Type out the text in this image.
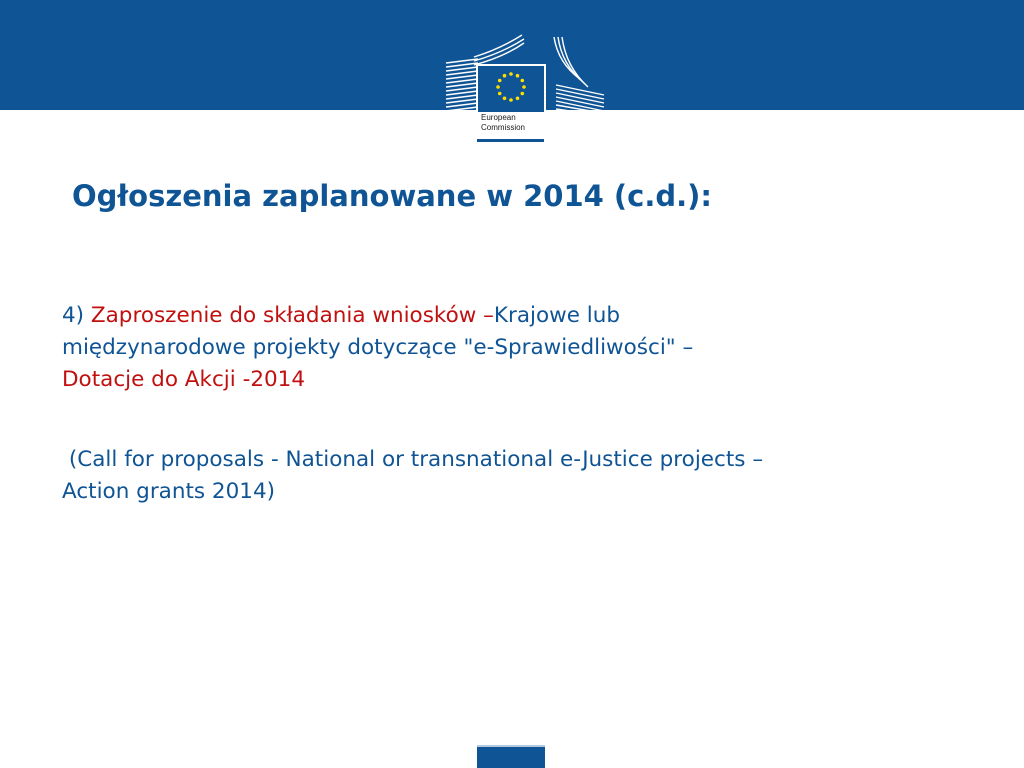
European
Commission
Ogłoszenia zaplanowane w 2014 (c.d.):

4) Zaproszenie do składania wniosków –Krajowe lub
międzynarodowe projekty dotyczące "e-Sprawiedliwości" –
Dotacje do Akcji -2014

(Call for proposals - National or transnational e-Justice projects –
Action grants 2014)
